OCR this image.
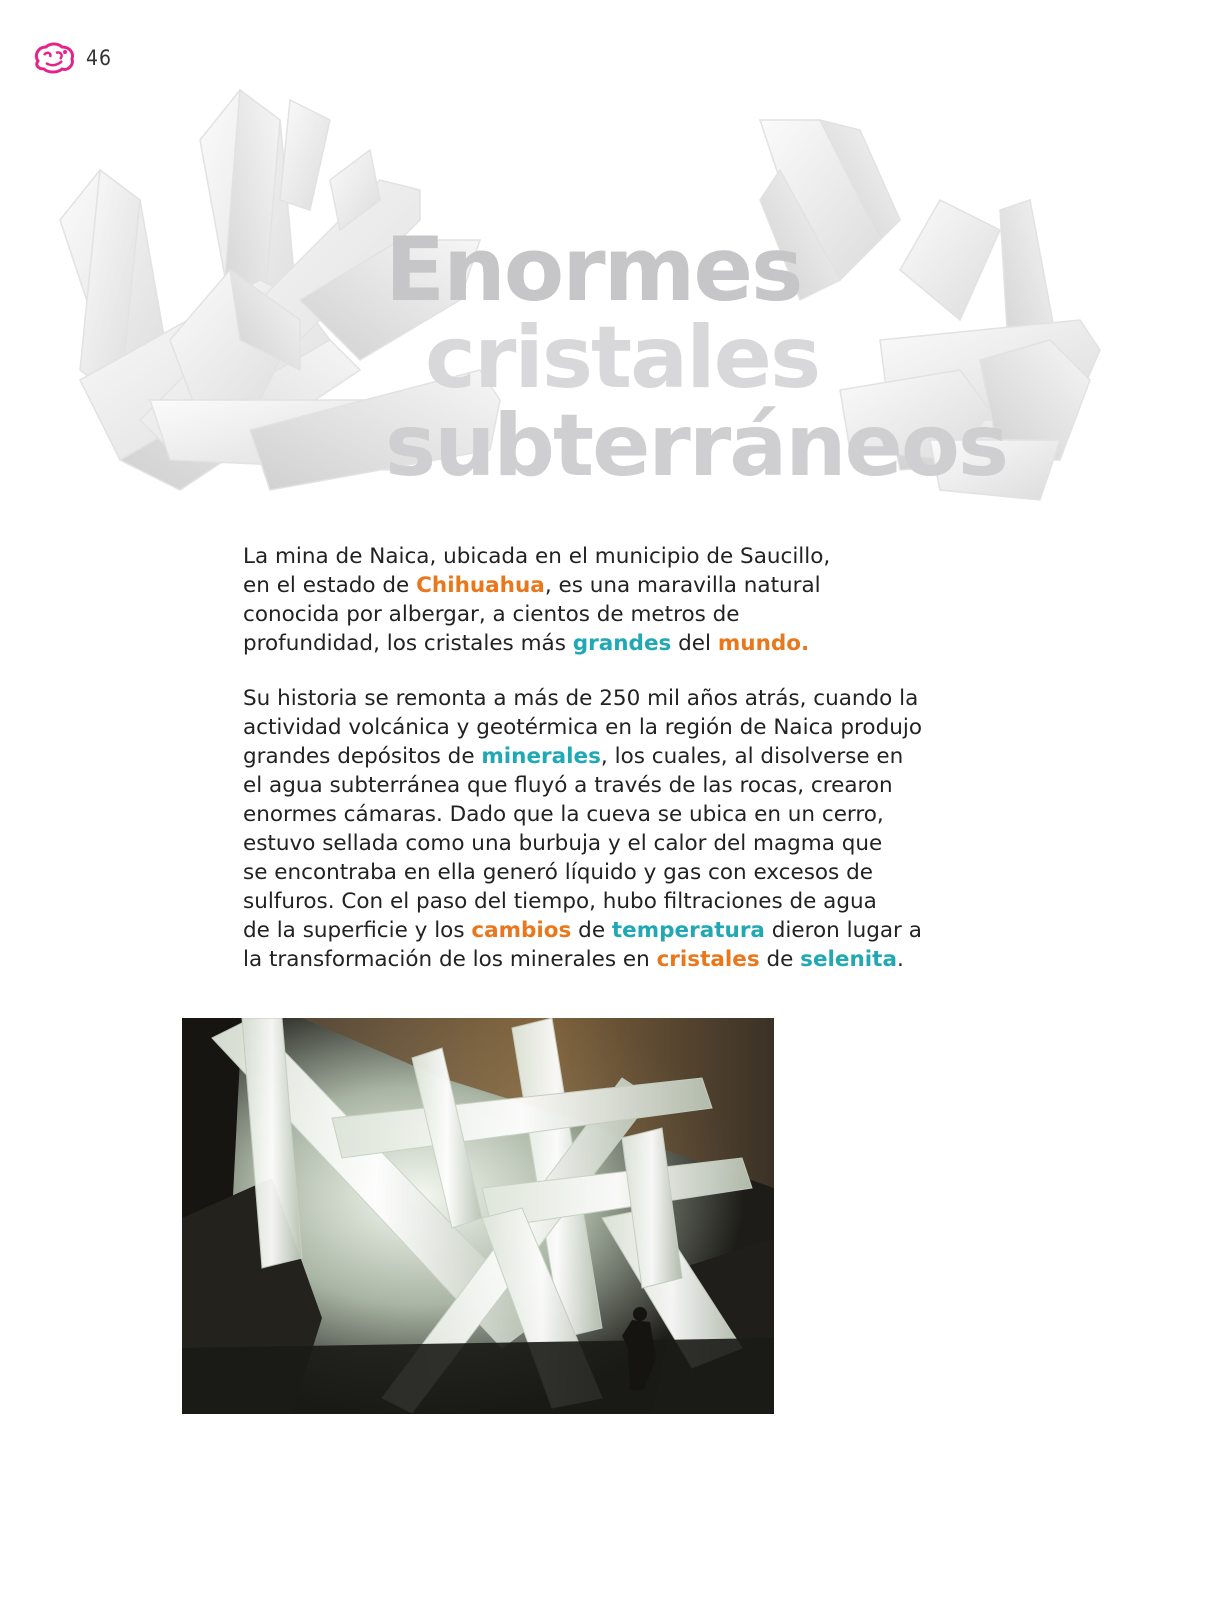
46
Enormes
cristales
subterráneos

La mina de Naica, ubicada en el municipio de Saucillo,

en el estado de Chihuahua, es una maravilla natural

conocida por albergar, a cientos de metros de

profundidad, los cristales más grandes del mundo.

Su historia se remonta a más de 250 mil años atrás, cuando la

actividad volcánica y geotérmica en la región de Naica produjo

grandes depósitos de minerales, los cuales, al disolverse en

el agua subterránea que fluyó a través de las rocas, crearon

enormes cámaras. Dado que la cueva se ubica en un cerro,

estuvo sellada como una burbuja y el calor del magma que

se encontraba en ella generó líquido y gas con excesos de

sulfuros. Con el paso del tiempo, hubo filtraciones de agua

de la superficie y los cambios de temperatura dieron lugar a

la transformación de los minerales en cristales de selenita.
